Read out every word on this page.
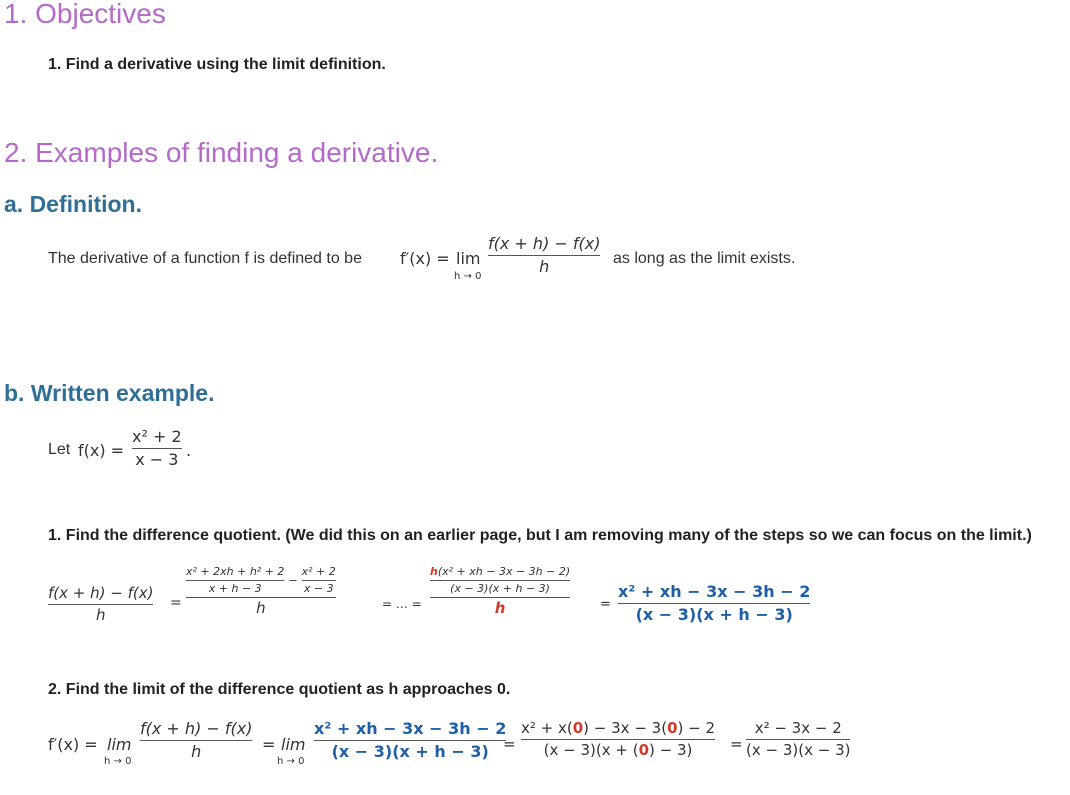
1. Objectives
1. Find a derivative using the limit definition.
2. Examples of finding a derivative.
a. Definition.
The derivative of a function f is defined to be f′(x) = lim
h → 0
f(x + h) − f(x)
h	as long as the limit exists.
b. Written example.
Let f(x) =
x² + 2
x − 3 .
1. Find the difference quotient. (We did this on an earlier page, but I am removing many of the steps so we can focus on the limit.)
f(x + h) − f(x)
h
=
x² + 2xh + h² + 2
x + h − 3
−
x² + 2
x − 3
h	= … =
h(x² + xh − 3x − 3h − 2)
(x − 3)(x + h − 3)
h	=
x² + xh − 3x − 3h − 2
(x − 3)(x + h − 3)
2. Find the limit of the difference quotient as h approaches 0.
f′(x) = lim
h → 0
f(x + h) − f(x)
h	= lim
h → 0
x² + xh − 3x − 3h − 2
(x − 3)(x + h − 3) =
x² + x(0) − 3x − 3(0) − 2
(x − 3)(x + (0) − 3)	=
x² − 3x − 2
(x − 3)(x − 3)
